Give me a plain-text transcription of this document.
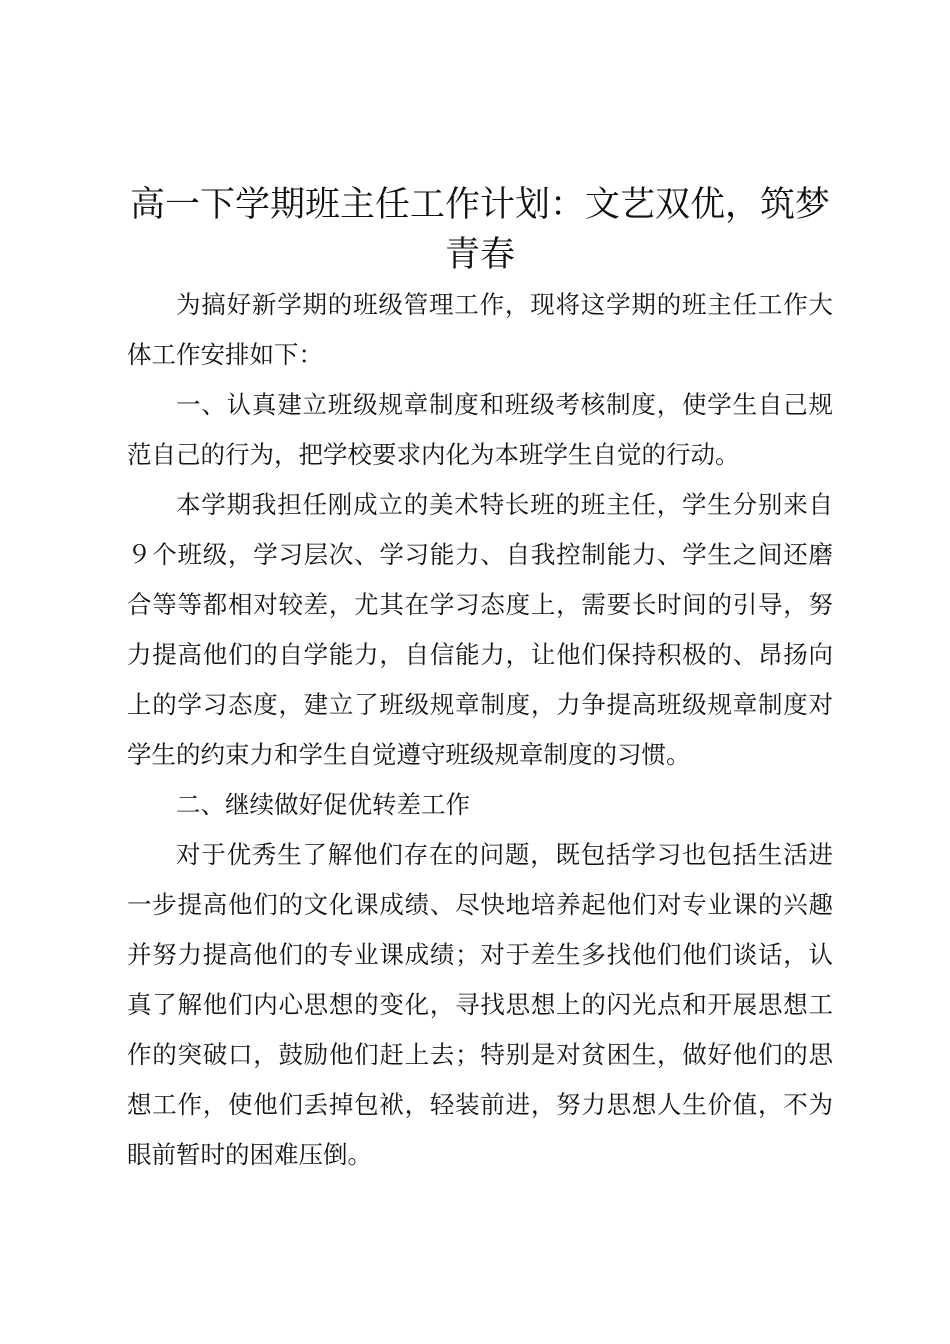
高一下学期班主任工作计划：文艺双优，筑梦青春

为搞好新学期的班级管理工作，现将这学期的班主任工作大体工作安排如下：

一、认真建立班级规章制度和班级考核制度，使学生自己规范自己的行为，把学校要求内化为本班学生自觉的行动。

本学期我担任刚成立的美术特长班的班主任，学生分别来自９个班级，学习层次、学习能力、自我控制能力、学生之间还磨合等等都相对较差，尤其在学习态度上，需要长时间的引导，努力提高他们的自学能力，自信能力，让他们保持积极的、昂扬向上的学习态度，建立了班级规章制度，力争提高班级规章制度对学生的约束力和学生自觉遵守班级规章制度的习惯。

二、继续做好促优转差工作

对于优秀生了解他们存在的问题，既包括学习也包括生活进一步提高他们的文化课成绩、尽快地培养起他们对专业课的兴趣并努力提高他们的专业课成绩；对于差生多找他们他们谈话，认真了解他们内心思想的变化，寻找思想上的闪光点和开展思想工作的突破口，鼓励他们赶上去；特别是对贫困生，做好他们的思想工作，使他们丢掉包袱，轻装前进，努力思想人生价值，不为眼前暂时的困难压倒。
